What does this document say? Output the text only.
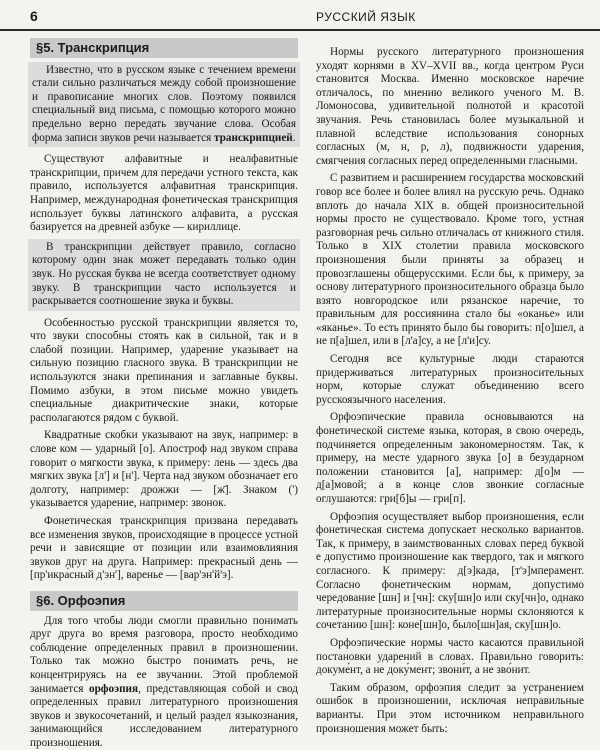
6	РУССКИЙ ЯЗЫК
§5. Транскрипция

Известно, что в русском языке с течением времени стали сильно различаться между собой произношение и правописание многих слов. Поэтому появился специальный вид письма, с помощью которого можно предельно верно передать звучание слова. Особая форма записи звуков речи называется транскрипцией.

Существуют алфавитные и неалфавитные транскрипции, причем для передачи устного текста, как правило, используется алфавитная транскрипция. Например, международная фонетическая транскрипция использует буквы латинского алфавита, а русская базируется на древней азбуке — кириллице.

В транскрипции действует правило, согласно которому один знак может передавать только один звук. Но русская буква не всегда соответствует одному звуку. В транскрипции часто используется и раскрывается соотношение звука и буквы.

Особенностью русской транскрипции является то, что звуки способны стоять как в сильной, так и в слабой позиции. Например, ударение указывает на сильную позицию гласного звука. В транскрипции не используются знаки препинания и заглавные буквы. Помимо азбуки, в этом письме можно увидеть специальные диакритические знаки, которые располагаются рядом с буквой.

Квадратные скобки указывают на звук, например: в слове ком — ударный [о]. Апостроф над звуком справа говорит о мягкости звука, к примеру: лень — здесь два мягких звука [л'] и [н']. Черта над звуком обозначает его долготу, например: дрожжи — [ж̄]. Знаком (') указывается ударение, например: звонок.

Фонетическая транскрипция призвана передавать все изменения звуков, происходящие в процессе устной речи и зависящие от позиции или взаимовлияния звуков друг на друга. Например: прекрасный день — [пр'икра́сный д'эн'], варенье — [вар'эн'й'э].

§6. Орфоэпия

Для того чтобы люди смогли правильно понимать друг друга во время разговора, просто необходимо соблюдение определенных правил в произношении. Только так можно быстро понимать речь, не концентрируясь на ее звучании. Этой проблемой занимается орфоэпия, представляющая собой и свод определенных правил литературного произношения звуков и звукосочетаний, и целый раздел языкознания, занимающийся исследованием литературного произношения.

Нормы русского литературного произношения уходят корнями в XV–XVII вв., когда центром Руси становится Москва. Именно московское наречие отличалось, по мнению великого ученого М. В. Ломоносова, удивительной полнотой и красотой звучания. Речь становилась более музыкальной и плавной вследствие использования сонорных согласных (м, н, р, л), подвижности ударения, смягчения согласных перед определенными гласными.

С развитием и расширением государства московский говор все более и более влиял на русскую речь. Однако вплоть до начала XIX в. общей произносительной нормы просто не существовало. Кроме того, устная разговорная речь сильно отличалась от книжного стиля. Только в XIX столетии правила московского произношения были приняты за образец и провозглашены общерусскими. Если бы, к примеру, за основу литературного произносительного образца было взято новгородское или рязанское наречие, то правильным для россиянина стало бы «оканье» или «яканье». То есть принято было бы говорить: п[о]шел, а не п[а]шел, или в [л'а]су, а не [л'и]су.

Сегодня все культурные люди стараются придерживаться литературных произносительных норм, которые служат объединению всего русскоязычного населения.

Орфоэпические правила основываются на фонетической системе языка, которая, в свою очередь, подчиняется определенным закономерностям. Так, к примеру, на месте ударного звука [о] в безударном положении становится [а], например: д[о]м — д[а]мовой; а в конце слов звонкие согласные оглушаются: гри[б]ы — гри[п].

Орфоэпия осуществляет выбор произношения, если фонетическая система допускает несколько вариантов. Так, к примеру, в заимствованных словах перед буквой е допустимо произношение как твердого, так и мягкого согласного. К примеру: д[э]када, [т'э]мперамент. Согласно фонетическим нормам, допустимо чередование [шн] и [чн]: ску[шн]о или ску[чн]о, однако литературные произносительные нормы склоняются к сочетанию [шн]: коне[шн]о, было[шн]ая, ску[шн]о.

Орфоэпические нормы часто касаются правильной постановки ударений в словах. Правильно говорить: докуме́нт, а не доку́мент; звони́т, а не зво́нит.

Таким образом, орфоэпия следит за устранением ошибок в произношении, исключая неправильные варианты. При этом источником неправильного произношения может быть:
